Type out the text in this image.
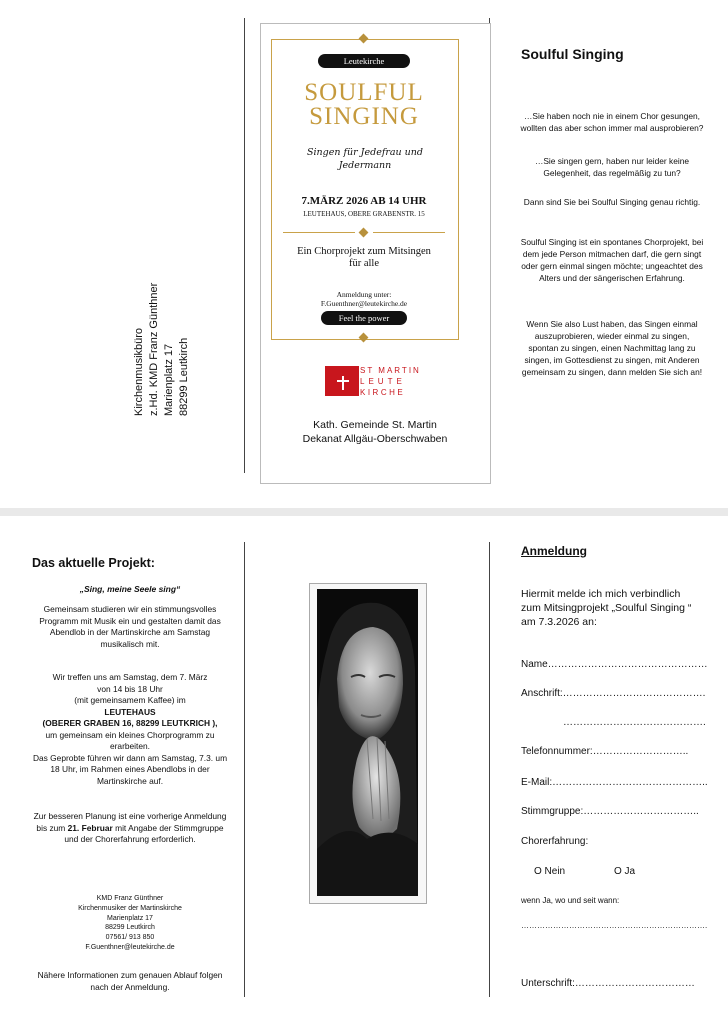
Kirchenmusikbüro z.Hd. KMD Franz Günthner Marienplatz 17 88299 Leutkirch
Leutekirche
SOULFUL
SINGING
Singen für Jedefrau und
Jedermann
7.MÄRZ 2026 AB 14 UHR
LEUTEHAUS, OBERE GRABENSTR. 15
Ein Chorprojekt zum Mitsingen
für alle
Anmeldung unter:
F.Guenthner@leutekirche.de
Feel the power
ST MARTIN
LEUTE
KIRCHE
Kath. Gemeinde St. Martin
Dekanat Allgäu-Oberschwaben
Soulful Singing
…Sie haben noch nie in einem Chor gesungen, wollten das aber schon immer mal ausprobieren?
…Sie singen gern, haben nur leider keine Gelegenheit, das regelmäßig zu tun?
Dann sind Sie bei Soulful Singing genau richtig.
Soulful Singing ist ein spontanes Chorprojekt, bei dem jede Person mitmachen darf, die gern singt oder gern einmal singen möchte; ungeachtet des Alters und der sängerischen Erfahrung.
Wenn Sie also Lust haben, das Singen einmal auszuprobieren, wieder einmal zu singen, spontan zu singen, einen Nachmittag lang zu singen, im Gottesdienst zu singen, mit Anderen gemeinsam zu singen, dann melden Sie sich an!
Das aktuelle Projekt:
„Sing, meine Seele sing“
Gemeinsam studieren wir ein stimmungsvolles Programm mit Musik ein und gestalten damit das Abendlob in der Martinskirche am Samstag musikalisch mit.
Wir treffen uns am Samstag, dem 7. März
von 14 bis 18 Uhr
(mit gemeinsamem Kaffee) im
LEUTEHAUS
(OBERER GRABEN 16, 88299 LEUTKRICH ),
um gemeinsam ein kleines Chorprogramm zu erarbeiten.
Das Geprobte führen wir dann am Samstag, 7.3. um 18 Uhr, im Rahmen eines Abendlobs in der Martinskirche auf.
Zur besseren Planung ist eine vorherige Anmeldung bis zum 21. Februar mit Angabe der Stimmgruppe und der Chorerfahrung erforderlich.
KMD Franz Günthner
Kirchenmusiker der Martinskirche
Marienplatz 17
88299 Leutkirch
07561/ 913 850
F.Guenthner@leutekirche.de
Nähere Informationen zum genauen Ablauf folgen nach der Anmeldung.
Anmeldung
Hiermit melde ich mich verbindlich
zum Mitsingprojekt „Soulful Singing “
am 7.3.2026 an:
Name…………………………………………
Anschrift:…………………………………….
…………………………………….
Telefonnummer:………………………..
E-Mail:………………………………………..
Stimmgruppe:……………………………..
Chorerfahrung:
O Nein	O Ja
wenn Ja, wo und seit wann:
…………………………………………………………….
Unterschrift:………………………………
